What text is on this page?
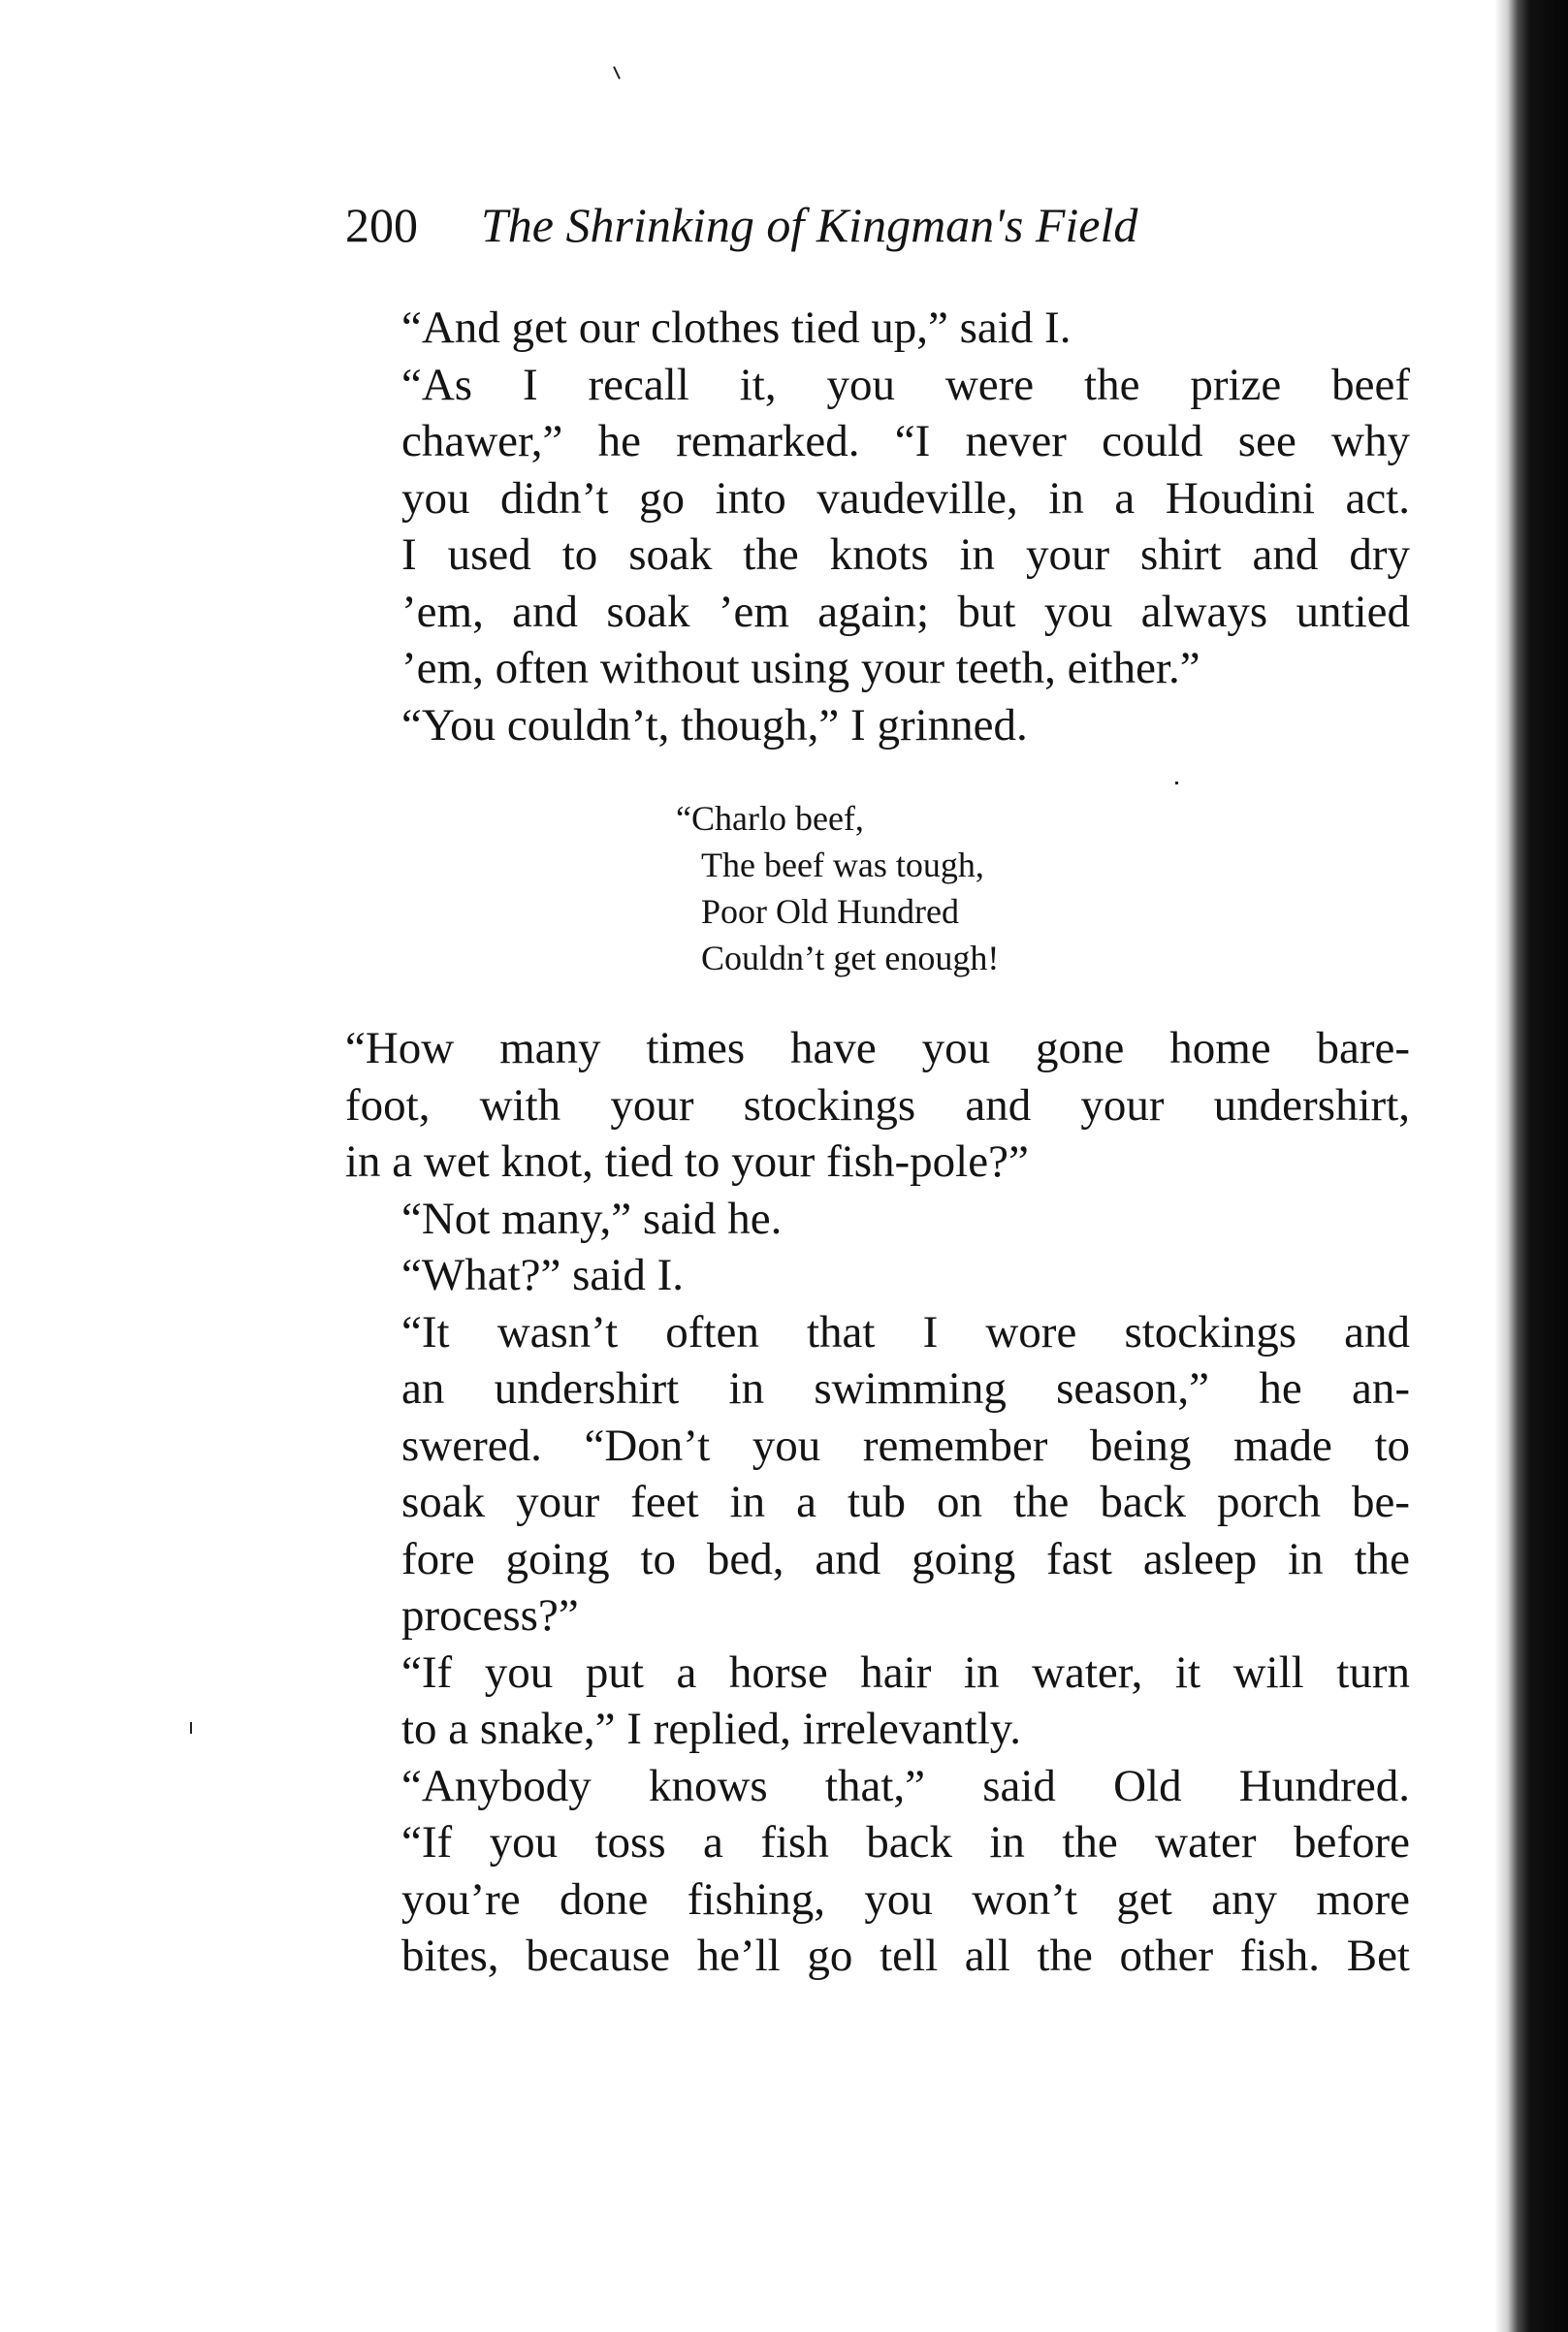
200 The Shrinking of Kingman's Field

“And get our clothes tied up,” said I.

“As I recall it, you were the prize beef
chawer,” he remarked. “I never could see why
you didn’t go into vaudeville, in a Houdini act.
I used to soak the knots in your shirt and dry
’em, and soak ’em again; but you always untied
’em, often without using your teeth, either.”

“You couldn’t, though,” I grinned.

“Charlo beef,
The beef was tough,
Poor Old Hundred
Couldn’t get enough!

“How many times have you gone home bare-
foot, with your stockings and your undershirt,
in a wet knot, tied to your fish-pole?”

“Not many,” said he.

“What?” said I.

“It wasn’t often that I wore stockings and
an undershirt in swimming season,” he an-
swered. “Don’t you remember being made to
soak your feet in a tub on the back porch be-
fore going to bed, and going fast asleep in the
process?”

“If you put a horse hair in water, it will turn
to a snake,” I replied, irrelevantly.

“Anybody knows that,” said Old Hundred.
“If you toss a fish back in the water before
you’re done fishing, you won’t get any more
bites, because he’ll go tell all the other fish. Bet
